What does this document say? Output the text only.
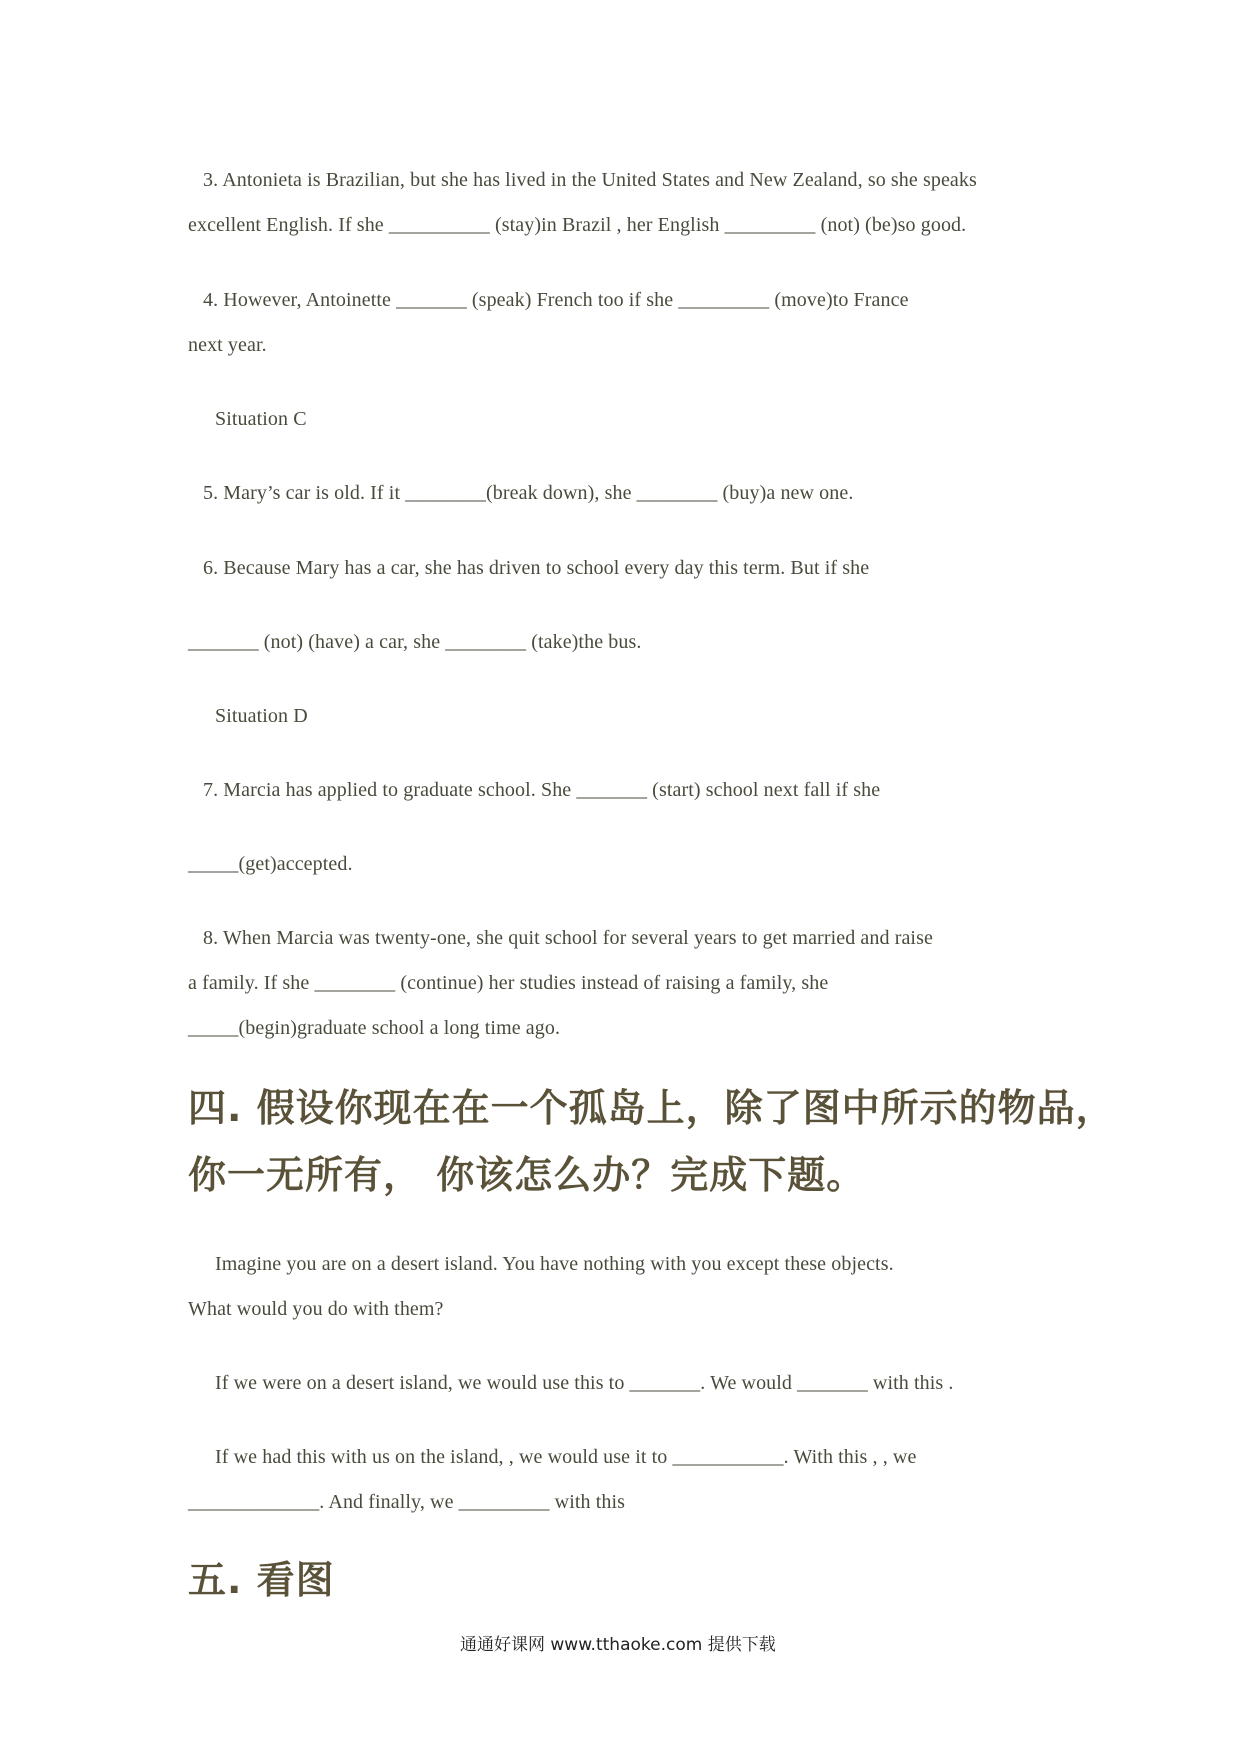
3. Antonieta is Brazilian, but she has lived in the United States and New Zealand, so she speaks
excellent English. If she __________ (stay)in Brazil , her English _________ (not) (be)so good.
4. However, Antoinette _______ (speak) French too if she _________ (move)to France
next year.
Situation C
5. Mary’s car is old. If it ________(break down), she ________ (buy)a new one.
6. Because Mary has a car, she has driven to school every day this term. But if she
_______ (not) (have) a car, she ________ (take)the bus.
Situation D
7. Marcia has applied to graduate school. She _______ (start) school next fall if she
_____(get)accepted.
8. When Marcia was twenty-one, she quit school for several years to get married and raise
a family. If she ________ (continue) her studies instead of raising a family, she
_____(begin)graduate school a long time ago.
四. 假设你现在在一个孤岛上，除了图中所示的物品，
你一无所有， 你该怎么办？完成下题。
Imagine you are on a desert island. You have nothing with you except these objects.
What would you do with them?
If we were on a desert island, we would use this to _______. We would _______ with this .
If we had this with us on the island, , we would use it to ___________. With this , , we
_____________. And finally, we _________ with this
五. 看图
通通好课网 www.tthaoke.com 提供下载
